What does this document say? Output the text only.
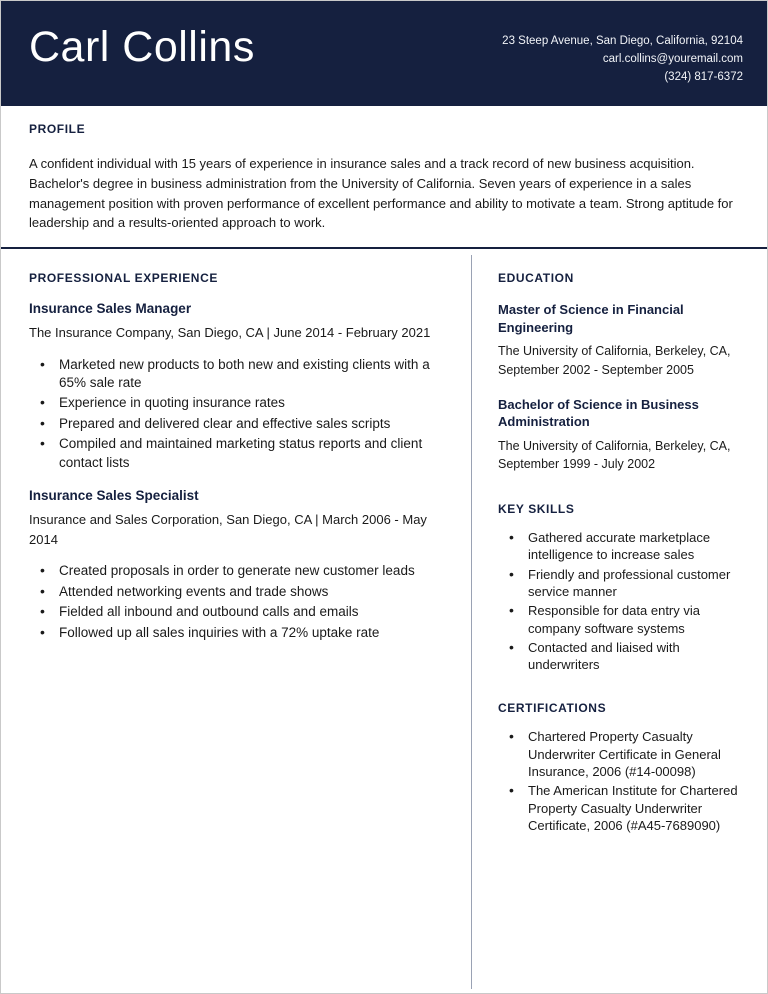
Carl Collins	23 Steep Avenue, San Diego, California, 92104
carl.collins@youremail.com
(324) 817-6372
PROFILE
A confident individual with 15 years of experience in insurance sales and a track record of new business acquisition. Bachelor's degree in business administration from the University of California. Seven years of experience in a sales management position with proven performance of excellent performance and ability to motivate a team. Strong aptitude for leadership and a results-oriented approach to work.
PROFESSIONAL EXPERIENCE
Insurance Sales Manager
The Insurance Company, San Diego, CA | June 2014 - February 2021
• Marketed new products to both new and existing clients with a 65% sale rate
• Experience in quoting insurance rates
• Prepared and delivered clear and effective sales scripts
• Compiled and maintained marketing status reports and client contact lists
Insurance Sales Specialist
Insurance and Sales Corporation, San Diego, CA | March 2006 - May 2014
• Created proposals in order to generate new customer leads
• Attended networking events and trade shows
• Fielded all inbound and outbound calls and emails
• Followed up all sales inquiries with a 72% uptake rate
EDUCATION
Master of Science in Financial Engineering
The University of California, Berkeley, CA, September 2002 - September 2005
Bachelor of Science in Business Administration
The University of California, Berkeley, CA, September 1999 - July 2002
KEY SKILLS
• Gathered accurate marketplace intelligence to increase sales
• Friendly and professional customer service manner
• Responsible for data entry via company software systems
• Contacted and liaised with underwriters
CERTIFICATIONS
• Chartered Property Casualty Underwriter Certificate in General Insurance, 2006 (#14-00098)
• The American Institute for Chartered Property Casualty Underwriter Certificate, 2006 (#A45-7689090)
